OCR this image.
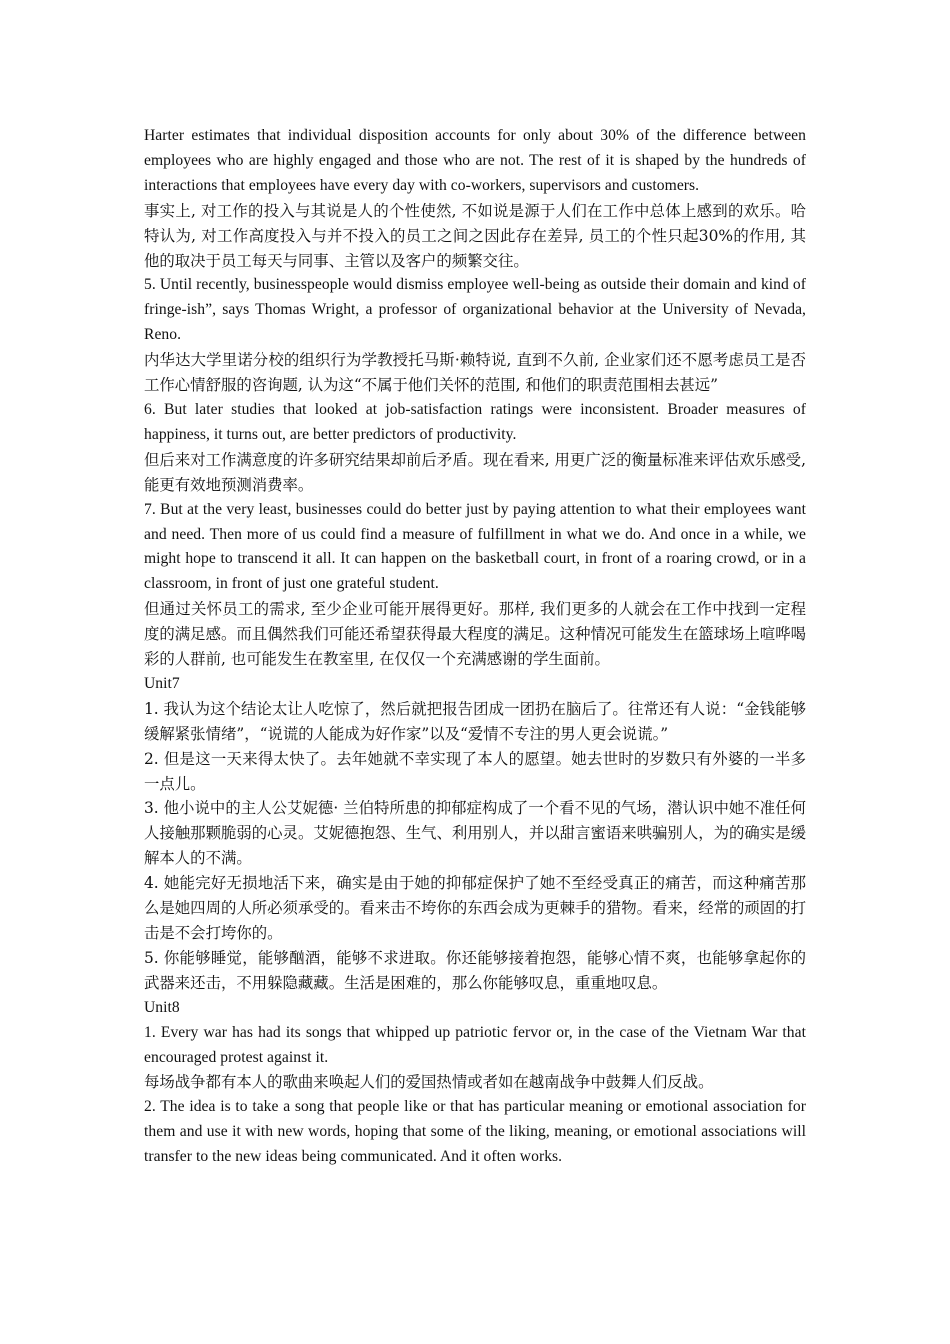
Harter estimates that individual disposition accounts for only about 30% of the difference between employees who are highly engaged and those who are not. The rest of it is shaped by the hundreds of interactions that employees have every day with co-workers, supervisors and customers.

事实上, 对工作的投入与其说是人的个性使然, 不如说是源于人们在工作中总体上感到的欢乐。哈特认为, 对工作高度投入与并不投入的员工之间之因此存在差异, 员工的个性只起30%的作用, 其他的取决于员工每天与同事、主管以及客户的频繁交往。

5. Until recently, businesspeople would dismiss employee well-being as outside their domain and kind of fringe-ish”, says Thomas Wright, a professor of organizational behavior at the University of Nevada, Reno.

内华达大学里诺分校的组织行为学教授托马斯·赖特说, 直到不久前, 企业家们还不愿考虑员工是否工作心情舒服的咨询题, 认为这“不属于他们关怀的范围, 和他们的职责范围相去甚远”

6. But later studies that looked at job-satisfaction ratings were inconsistent. Broader measures of happiness, it turns out, are better predictors of productivity.

但后来对工作满意度的许多研究结果却前后矛盾。现在看来, 用更广泛的衡量标准来评估欢乐感受, 能更有效地预测消费率。

7. But at the very least, businesses could do better just by paying attention to what their employees want and need. Then more of us could find a measure of fulfillment in what we do. And once in a while, we might hope to transcend it all. It can happen on the basketball court, in front of a roaring crowd, or in a classroom, in front of just one grateful student.

但通过关怀员工的需求, 至少企业可能开展得更好。那样, 我们更多的人就会在工作中找到一定程度的满足感。而且偶然我们可能还希望获得最大程度的满足。这种情况可能发生在篮球场上喧哗喝彩的人群前, 也可能发生在教室里, 在仅仅一个充满感谢的学生面前。

Unit7

1. 我认为这个结论太让人吃惊了，然后就把报告团成一团扔在脑后了。往常还有人说：“金钱能够缓解紧张情绪”，“说谎的人能成为好作家”以及“爱情不专注的男人更会说谎。”

2. 但是这一天来得太快了。去年她就不幸实现了本人的愿望。她去世时的岁数只有外婆的一半多一点儿。

3. 他小说中的主人公艾妮德· 兰伯特所患的抑郁症构成了一个看不见的气场，潜认识中她不准任何人接触那颗脆弱的心灵。艾妮德抱怨、生气、利用别人，并以甜言蜜语来哄骗别人，为的确实是缓解本人的不满。

4. 她能完好无损地活下来，确实是由于她的抑郁症保护了她不至经受真正的痛苦，而这种痛苦那么是她四周的人所必须承受的。看来击不垮你的东西会成为更棘手的猎物。看来，经常的顽固的打击是不会打垮你的。

5. 你能够睡觉，能够酗酒，能够不求进取。你还能够接着抱怨，能够心情不爽，也能够拿起你的武器来还击，不用躲隐藏藏。生活是困难的，那么你能够叹息，重重地叹息。

Unit8

1. Every war has had its songs that whipped up patriotic fervor or, in the case of the Vietnam War that encouraged protest against it.

每场战争都有本人的歌曲来唤起人们的爱国热情或者如在越南战争中鼓舞人们反战。

2. The idea is to take a song that people like or that has particular meaning or emotional association for them and use it with new words, hoping that some of the liking, meaning, or emotional associations will transfer to the new ideas being communicated. And it often works.
